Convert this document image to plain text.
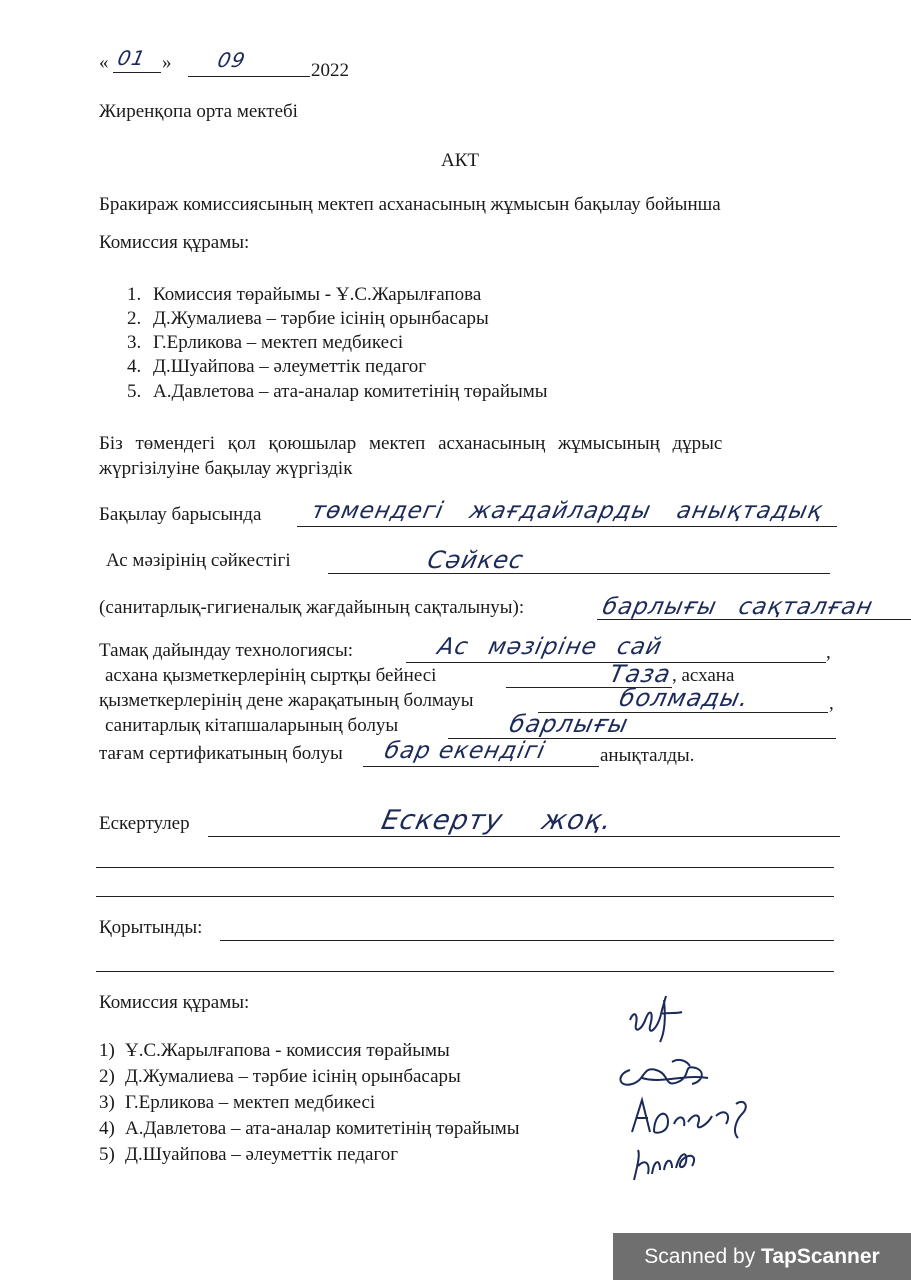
« 01 » 09	2022
Жиренқопа орта мектебі
АКТ
Бракираж комиссиясының мектеп асханасының жұмысын бақылау бойынша
Комиссия құрамы:
1. Комиссия төрайымы - Ұ.С.Жарылғапова
2. Д.Жумалиева – тәрбие ісінің орынбасары
3. Г.Ерликова – мектеп медбикесі
4. Д.Шуайпова – әлеуметтік педагог
5. А.Давлетова – ата-аналар комитетінің төрайымы
Біз төмендегі қол қоюшылар мектеп асханасының жұмысының дұрыс
жүргізілуіне бақылау жүргіздік
Бақылау барысында төмендегі жағдайларды анықтадық
Ас мәзірінің сәйкестігі	Сәйкес
(санитарлық-гигиеналық жағдайының сақталынуы):	барлығы сақталған
Тамақ дайындау технологиясы:	Ас мәзіріне сай	,
асхана қызметкерлерінің сыртқы бейнесі	Таза
, асхана
қызметкерлерінің дене жарақатының болмауы	болмады.	,
санитарлық кітапшаларының болуы	барлығы
тағам сертификатының болуы бар екендігі	анықталды.
Ескертулер	Ескерту жоқ.
Қорытынды:
Комиссия құрамы:
1) Ұ.С.Жарылғапова - комиссия төрайымы
2) Д.Жумалиева – тәрбие ісінің орынбасары
3) Г.Ерликова – мектеп медбикесі
4) А.Давлетова – ата-аналар комитетінің төрайымы
5) Д.Шуайпова – әлеуметтік педагог
Scanned by TapScanner
